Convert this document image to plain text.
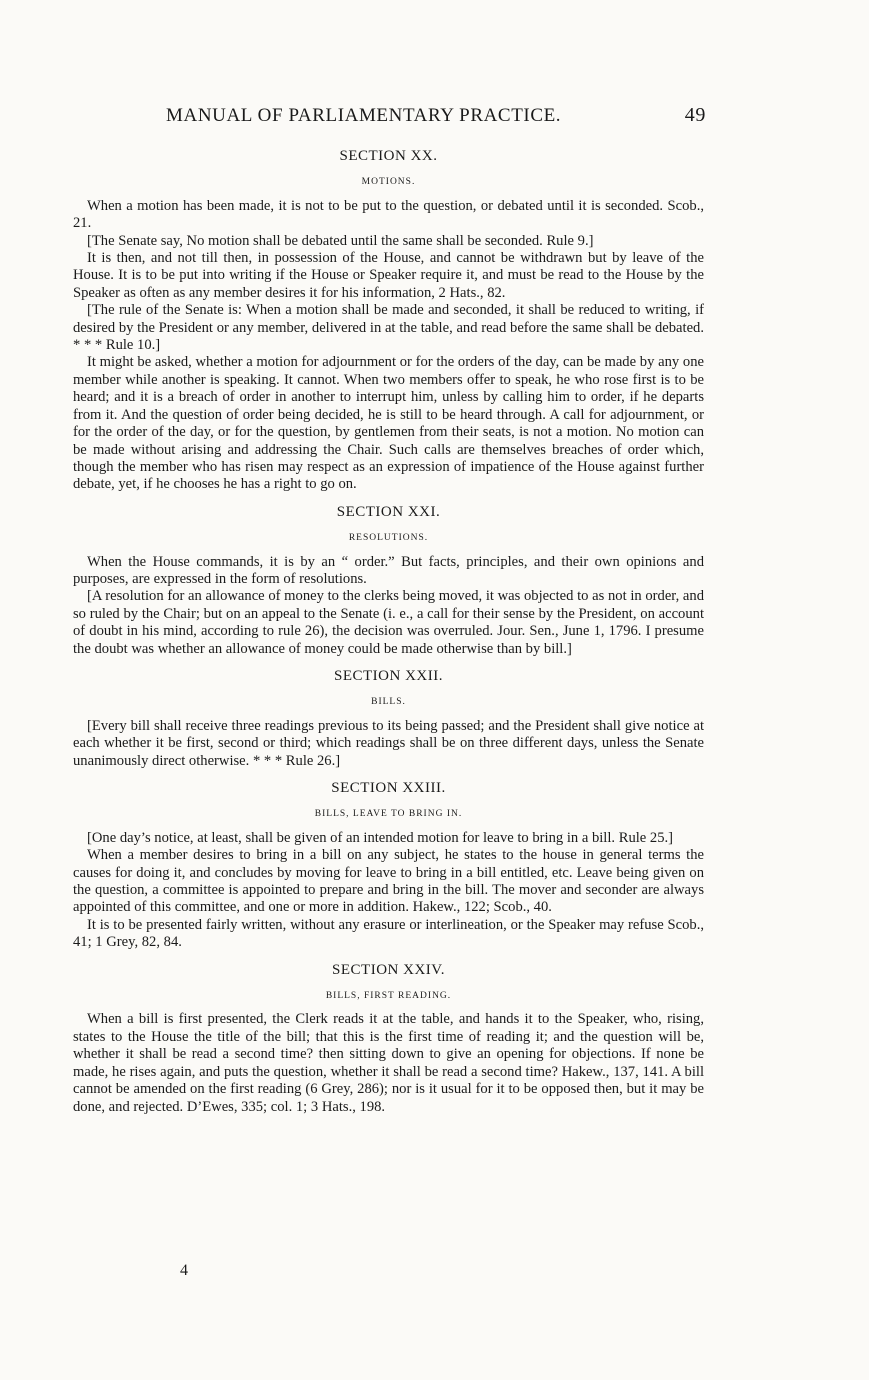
MANUAL OF PARLIAMENTARY PRACTICE.	49
SECTION XX.
MOTIONS.

When a motion has been made, it is not to be put to the question, or debated until it is seconded. Scob., 21.

[The Senate say, No motion shall be debated until the same shall be seconded. Rule 9.]

It is then, and not till then, in possession of the House, and cannot be withdrawn but by leave of the House. It is to be put into writing if the House or Speaker require it, and must be read to the House by the Speaker as often as any member desires it for his information, 2 Hats., 82.

[The rule of the Senate is: When a motion shall be made and seconded, it shall be reduced to writing, if desired by the President or any member, delivered in at the table, and read before the same shall be debated. * * * Rule 10.]

It might be asked, whether a motion for adjournment or for the orders of the day, can be made by any one member while another is speaking. It cannot. When two members offer to speak, he who rose first is to be heard; and it is a breach of order in another to interrupt him, unless by calling him to order, if he departs from it. And the question of order being decided, he is still to be heard through. A call for adjournment, or for the order of the day, or for the question, by gentlemen from their seats, is not a motion. No motion can be made without arising and addressing the Chair. Such calls are themselves breaches of order which, though the member who has risen may respect as an expression of impatience of the House against further debate, yet, if he chooses he has a right to go on.

SECTION XXI.
RESOLUTIONS.

When the House commands, it is by an “ order.” But facts, principles, and their own opinions and purposes, are expressed in the form of resolutions.

[A resolution for an allowance of money to the clerks being moved, it was objected to as not in order, and so ruled by the Chair; but on an appeal to the Senate (i. e., a call for their sense by the President, on account of doubt in his mind, according to rule 26), the decision was overruled. Jour. Sen., June 1, 1796. I presume the doubt was whether an allowance of money could be made otherwise than by bill.]

SECTION XXII.
BILLS.

[Every bill shall receive three readings previous to its being passed; and the President shall give notice at each whether it be first, second or third; which readings shall be on three different days, unless the Senate unanimously direct otherwise. * * * Rule 26.]

SECTION XXIII.
BILLS, LEAVE TO BRING IN.

[One day’s notice, at least, shall be given of an intended motion for leave to bring in a bill. Rule 25.]

When a member desires to bring in a bill on any subject, he states to the house in general terms the causes for doing it, and concludes by moving for leave to bring in a bill entitled, etc. Leave being given on the question, a committee is appointed to prepare and bring in the bill. The mover and seconder are always appointed of this committee, and one or more in addition. Hakew., 122; Scob., 40.

It is to be presented fairly written, without any erasure or interlineation, or the Speaker may refuse Scob., 41; 1 Grey, 82, 84.

SECTION XXIV.
BILLS, FIRST READING.

When a bill is first presented, the Clerk reads it at the table, and hands it to the Speaker, who, rising, states to the House the title of the bill; that this is the first time of reading it; and the question will be, whether it shall be read a second time? then sitting down to give an opening for objections. If none be made, he rises again, and puts the question, whether it shall be read a second time? Hakew., 137, 141. A bill cannot be amended on the first reading (6 Grey, 286); nor is it usual for it to be opposed then, but it may be done, and rejected. D’Ewes, 335; col. 1; 3 Hats., 198.

4
